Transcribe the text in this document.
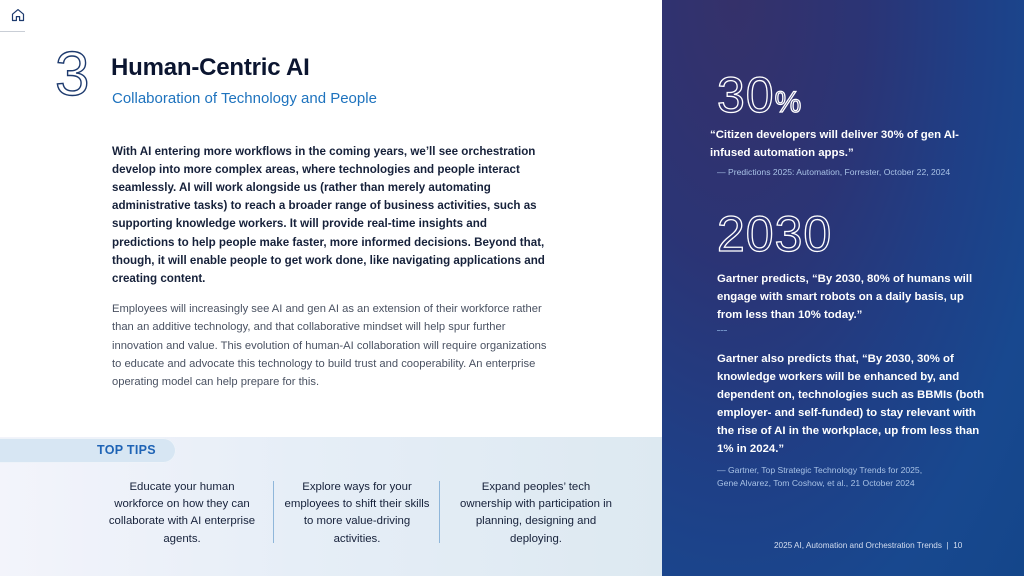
3 Human-Centric AI
Collaboration of Technology and People

With AI entering more workflows in the coming years, we’ll see orchestration develop into more complex areas, where technologies and people interact seamlessly. AI will work alongside us (rather than merely automating administrative tasks) to reach a broader range of business activities, such as supporting knowledge workers. It will provide real-time insights and predictions to help people make faster, more informed decisions. Beyond that, though, it will enable people to get work done, like navigating applications and creating content.

Employees will increasingly see AI and gen AI as an extension of their workforce rather than an additive technology, and that collaborative mindset will help spur further innovation and value. This evolution of human-AI collaboration will require organizations to educate and advocate this technology to build trust and cooperability. An enterprise operating model can help prepare for this.

TOP TIPS
Educate your human workforce on how they can collaborate with AI enterprise agents.
Explore ways for your employees to shift their skills to more value-driving activities.
Expand peoples’ tech ownership with participation in planning, designing and deploying.
30%
“Citizen developers will deliver 30% of gen AI-infused automation apps.”
— Predictions 2025: Automation, Forrester, October 22, 2024
2030
Gartner predicts, “By 2030, 80% of humans will engage with smart robots on a daily basis, up from less than 10% today.”
Gartner also predicts that, “By 2030, 30% of knowledge workers will be enhanced by, and dependent on, technologies such as BBMIs (both employer- and self-funded) to stay relevant with the rise of AI in the workplace, up from less than 1% in 2024.”
— Gartner, Top Strategic Technology Trends for 2025,
Gene Alvarez, Tom Coshow, et al., 21 October 2024
2025 AI, Automation and Orchestration Trends | 10
